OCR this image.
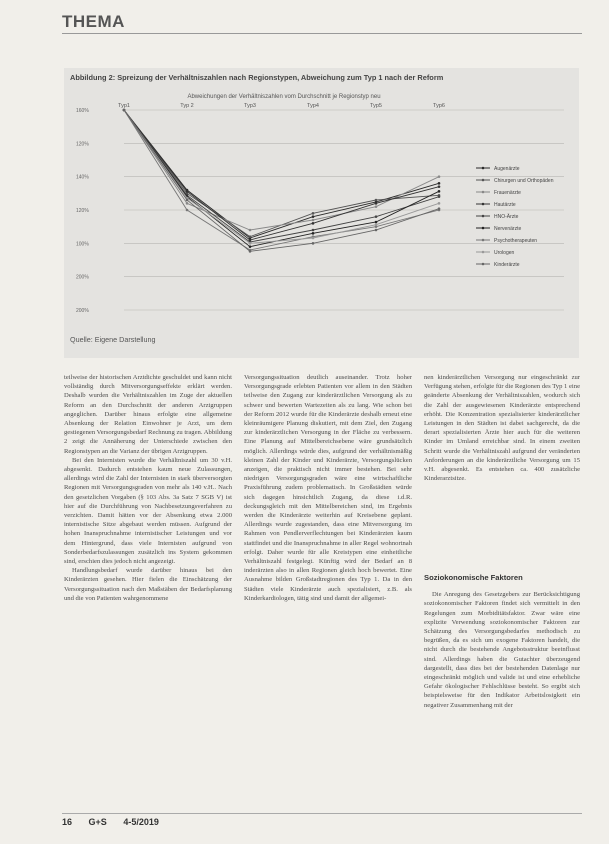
THEMA
Abbildung 2: Spreizung der Verhältniszahlen nach Regionstypen, Abweichung zum Typ 1 nach der Reform
Abweichungen der Verhältniszahlen vom Durchschnitt je Regionstyp neu
160%
120%
140%
120%
100%
200%
200%
Typ1	Typ 2	Typ3	Typ4	Typ5	Typ6
Augenärzte
Chirurgen und Orthopäden
Frauenärzte
Hautärzte
HNO-Ärzte
Nervenärzte
Psychotherapeuten
Urologen
Kinderärzte
Quelle: Eigene Darstellung

teilweise der historischen Arztdichte geschuldet und kann nicht vollständig durch Mitversorgungseffekte erklärt werden. Deshalb wurden die Verhältniszahlen im Zuge der aktuellen Reform an den Durchschnitt der anderen Arztgruppen angeglichen. Darüber hinaus erfolgte eine allgemeine Absenkung der Relation Einwohner je Arzt, um dem gestiegenen Versorgungsbedarf Rechnung zu tragen. Abbildung 2 zeigt die Annäherung der Unterschiede zwischen den Regionstypen an die Varianz der übrigen Arztgruppen.

Bei den Internisten wurde die Verhältniszahl um 30 v.H. abgesenkt. Dadurch entstehen kaum neue Zulassungen, allerdings wird die Zahl der Internisten in stark überversorgten Regionen mit Versorgungsgraden von mehr als 140 v.H.. Nach den gesetzlichen Vorgaben (§ 103 Abs. 3a Satz 7 SGB V) ist hier auf die Durchführung von Nachbesetzungsverfahren zu verzichten. Damit hätten vor der Absenkung etwa 2.000 internistische Sitze abgebaut werden müssen. Aufgrund der hohen Inanspruchnahme internistischer Leistungen und vor dem Hintergrund, dass viele Internisten aufgrund von Sonderbedarfszulassungen zusätzlich ins System gekommen sind, erschien dies jedoch nicht angezeigt.

Handlungsbedarf wurde darüber hinaus bei den Kinderärzten gesehen. Hier fielen die Einschätzung der Versorgungssituation nach den Maßstäben der Bedarfsplanung und die von Patienten wahrgenommene

Versorgungssituation deutlich auseinander. Trotz hoher Versorgungsgrade erlebten Patienten vor allem in den Städten teilweise den Zugang zur kinderärztlichen Versorgung als zu schwer und bewerten Wartezeiten als zu lang. Wie schon bei der Reform 2012 wurde für die Kinderärzte deshalb erneut eine kleinräumigere Planung diskutiert, mit dem Ziel, den Zugang zur kinderärztlichen Versorgung in der Fläche zu verbessern. Eine Planung auf Mittelbereichsebene wäre grundsätzlich möglich. Allerdings würde dies, aufgrund der verhältnismäßig kleinen Zahl der Kinder und Kinderärzte, Versorgungslücken anzeigen, die praktisch nicht immer bestehen. Bei sehr niedrigen Versorgungsgraden wäre eine wirtschaftliche Praxisführung zudem problematisch. In Großstädten würde sich dagegen hinsichtlich Zugang, da diese i.d.R. deckungsgleich mit den Mittelbereichen sind, im Ergebnis werden die Kinderärzte weiterhin auf Kreisebene geplant. Allerdings wurde zugestanden, dass eine Mitversorgung im Rahmen von Pendlerverflechtungen bei Kinderärzten kaum stattfindet und die Inanspruchnahme in aller Regel wohnortnah erfolgt. Daher wurde für alle Kreistypen eine einheitliche Verhältniszahl festgelegt. Künftig wird der Bedarf an 8 inderärzten also in allen Regionen gleich hoch bewertet. Eine Ausnahme bilden Großstadtregionen des Typ 1. Da in den Städten viele Kinderärzte auch spezialisiert, z.B. als Kinderkardiologen, tätig sind und damit der allgemei-

nen kinderärztlichen Versorgung nur eingeschränkt zur Verfügung stehen, erfolgte für die Regionen des Typ 1 eine geänderte Absenkung der Verhältniszahlen, wodurch sich die Zahl der ausgewiesenen Kinderärzte entsprechend erhöht. Die Konzentration spezialisierter kinderärztlicher Leistungen in den Städten ist dabei sachgerecht, da die derart spezialisierten Ärzte hier auch für die weiteren Kinder im Umland erreichbar sind. In einem zweiten Schritt wurde die Verhältniszahl aufgrund der veränderten Anforderungen an die kinderärztliche Versorgung um 15 v.H. abgesenkt. Es entstehen ca. 400 zusätzliche Kinderarztsitze.

Soziokonomische Faktoren

Die Anregung des Gesetzgebers zur Berücksichtigung soziokonomischer Faktoren findet sich vermittelt in den Regelungen zum Morbiditätsfaktor. Zwar wäre eine explizite Verwendung soziokonomischer Faktoren zur Schätzung des Versorgungsbedarfes methodisch zu begrüßen, da es sich um exogene Faktoren handelt, die nicht durch die bestehende Angebotsstruktur beeinflusst sind. Allerdings haben die Gutachter überzeugend dargestellt, dass dies bei der bestehenden Datenlage nur eingeschränkt möglich und valide ist und eine erhebliche Gefahr ökologischer Fehlschlüsse besteht. So ergibt sich beispielsweise für den Indikator Arbeitslosigkeit ein negativer Zusammenhang mit der

16 G+S 4-5/2019
